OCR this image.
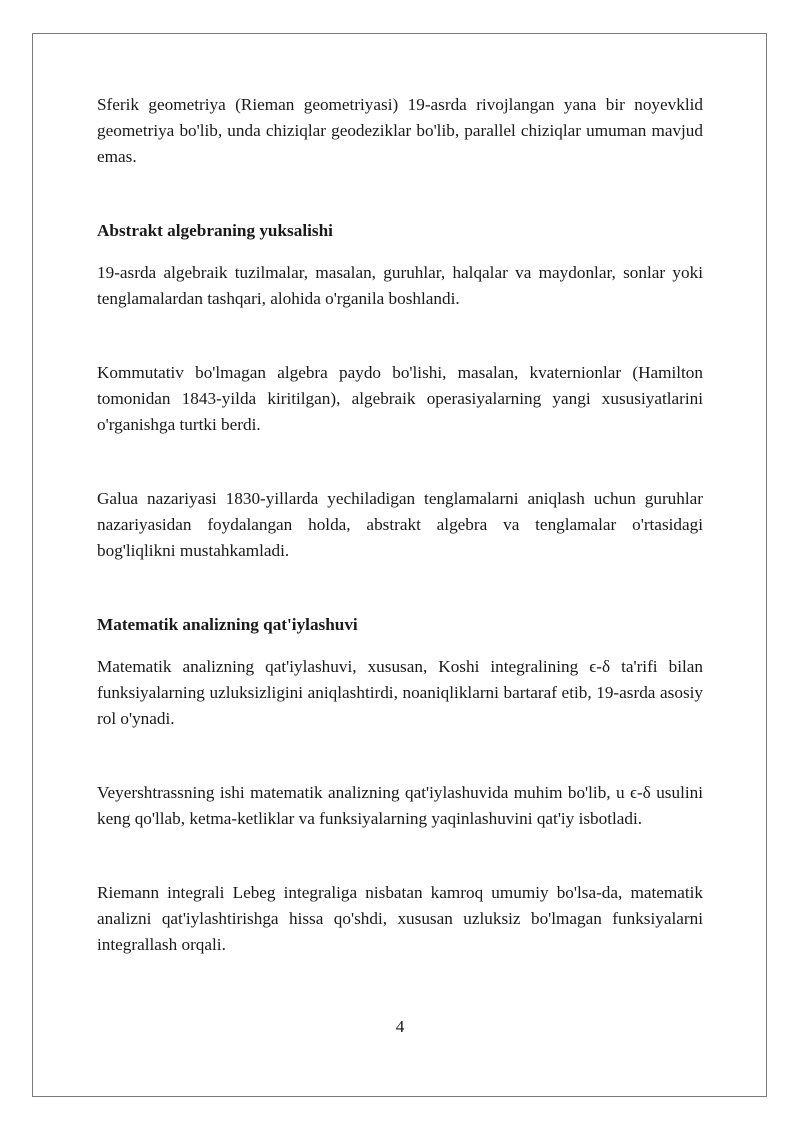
Sferik geometriya (Rieman geometriyasi) 19-asrda rivojlangan yana bir noyevklid geometriya bo'lib, unda chiziqlar geodeziklar bo'lib, parallel chiziqlar umuman mavjud emas.

Abstrakt algebraning yuksalishi

19-asrda algebraik tuzilmalar, masalan, guruhlar, halqalar va maydonlar, sonlar yoki tenglamalardan tashqari, alohida o'rganila boshlandi.

Kommutativ bo'lmagan algebra paydo bo'lishi, masalan, kvaternionlar (Hamilton tomonidan 1843-yilda kiritilgan), algebraik operasiyalarning yangi xususiyatlarini o'rganishga turtki berdi.

Galua nazariyasi 1830-yillarda yechiladigan tenglamalarni aniqlash uchun guruhlar nazariyasidan foydalangan holda, abstrakt algebra va tenglamalar o'rtasidagi bog'liqlikni mustahkamladi.

Matematik analizning qat'iylashuvi

Matematik analizning qat'iylashuvi, xususan, Koshi integralining ϵ-δ ta'rifi bilan funksiyalarning uzluksizligini aniqlashtirdi, noaniqliklarni bartaraf etib, 19-asrda asosiy rol o'ynadi.

Veyershtrassning ishi matematik analizning qat'iylashuvida muhim bo'lib, u ϵ-δ usulini keng qo'llab, ketma-ketliklar va funksiyalarning yaqinlashuvini qat'iy isbotladi.

Riemann integrali Lebeg integraliga nisbatan kamroq umumiy bo'lsa-da, matematik analizni qat'iylashtirishga hissa qo'shdi, xususan uzluksiz bo'lmagan funksiyalarni integrallash orqali.

4
